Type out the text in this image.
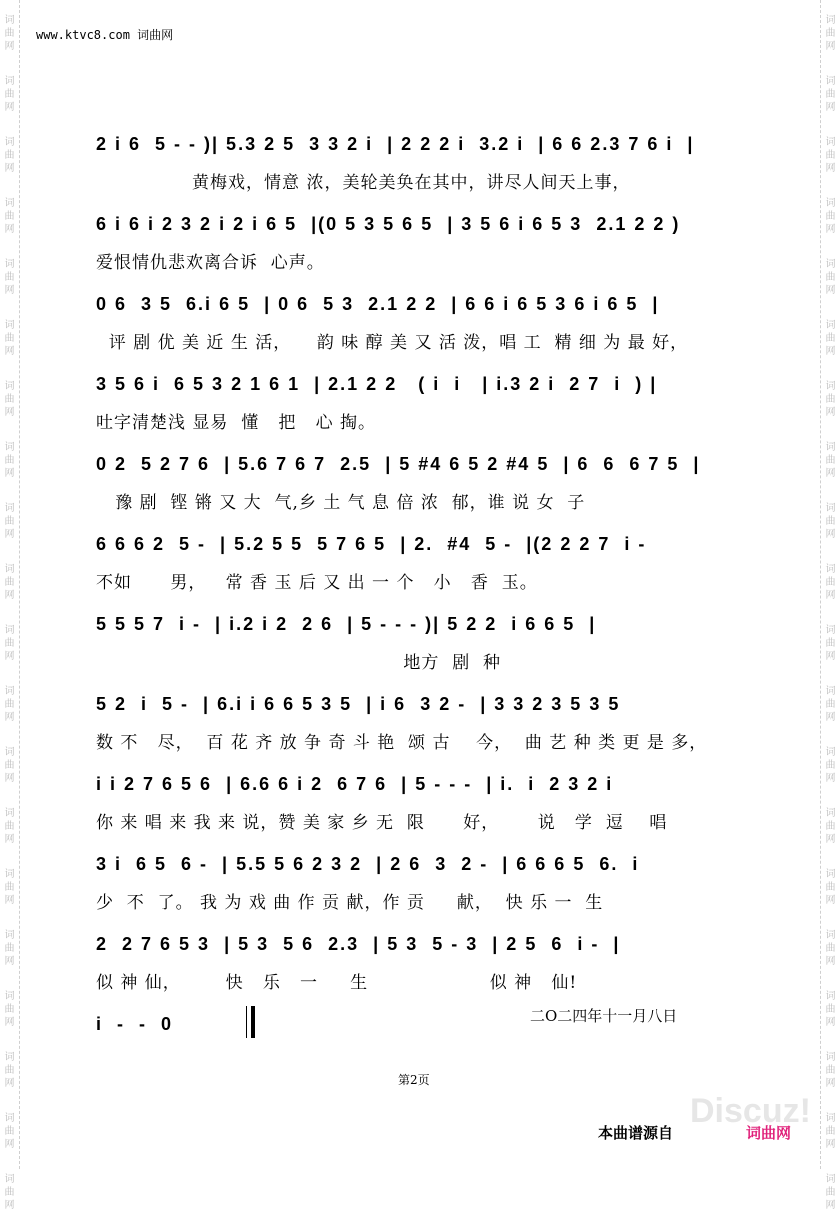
词曲网
词曲网
词曲网
词曲网
词曲网
词曲网
词曲网
词曲网
词曲网
词曲网
词曲网
词曲网
词曲网
词曲网
词曲网
词曲网
词曲网
词曲网
词曲网
词曲网
词曲网
词曲网
词曲网
词曲网
词曲网
词曲网
词曲网
词曲网
词曲网
词曲网
词曲网
词曲网
词曲网
词曲网
词曲网
词曲网
词曲网
词曲网
词曲网
词曲网
www.ktvc8.com 词曲网
2 i 6  5 - - )| 5.3 2 5  3 3 2 i  | 2 2 2 i  3.2 i  | 6 6 2.3 7 6 i  |
黄梅戏，情意 浓，美轮美奂在其中，讲尽人间天上事，
6 i 6 i 2 3 2 i 2 i 6 5  |(0 5 3 5 6 5  | 3 5 6 i 6 5 3  2.1 2 2 )
爱恨情仇悲欢离合诉  心声。
0 6  3 5  6.i 6 5  | 0 6  5 3  2.1 2 2  | 6 6 i 6 5 3 6 i 6 5  |
评 剧 优 美 近 生 活，    韵 味 醇 美 又 活 泼，唱 工  精 细 为 最 好，
3 5 6 i  6 5 3 2 1 6 1  | 2.1 2 2   ( i  i   | i.3 2 i  2 7  i  ) |
吐字清楚浅 显易  懂   把   心 掏。
0 2  5 2 7 6  | 5.6 7 6 7  2.5  | 5 #4 6 5 2 #4 5  | 6  6  6 7 5  |
豫 剧  铿 锵 又 大  气,乡 土 气 息 倍 浓  郁，谁 说 女  子
6 6 6 2  5 -  | 5.2 5 5  5 7 6 5  | 2.  #4  5 -  |(2 2 2 7  i -
不如      男，   常 香 玉 后 又 出 一 个   小   香  玉。
5 5 5 7  i -  | i.2 i 2  2 6  | 5 - - - )| 5 2 2  i 6 6 5  |
地方  剧  种
5 2  i  5 -  | 6.i i 6 6 5 3 5  | i 6  3 2 -  | 3 3 2 3 5 3 5
数 不   尽，  百 花 齐 放 争 奇 斗 艳  颂 古    今，  曲 艺 种 类 更 是 多，
i i 2 7 6 5 6  | 6.6 6 i 2  6 7 6  | 5 - - -  | i.  i  2 3 2 i
你 来 唱 来 我 来 说，赞 美 家 乡 无  限      好，      说   学  逗    唱
3 i  6 5  6 -  | 5.5 5 6 2 3 2  | 2 6  3  2 -  | 6 6 6 5  6.  i
少  不  了。 我 为 戏 曲 作 贡 献，作 贡     献，  快 乐 一  生
2  2 7 6 5 3  | 5 3  5 6  2.3  | 5 3  5 - 3  | 2 5  6  i -  |
似 神 仙，       快   乐   一     生                   似 神   仙!
i  -  -  0	二O二四年十一月八日
第2页
Discuz!
本曲谱源自	词曲网
